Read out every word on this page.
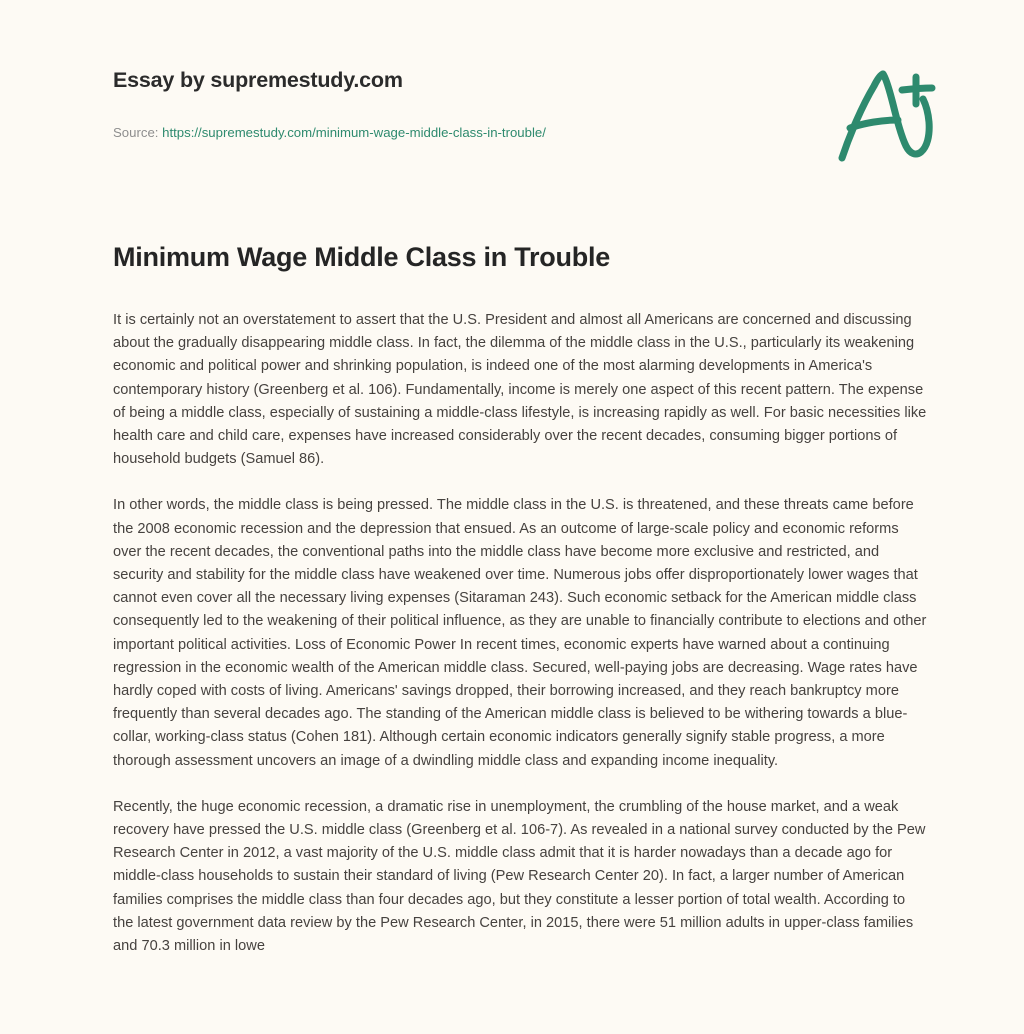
Essay by supremestudy.com
Source: https://supremestudy.com/minimum-wage-middle-class-in-trouble/
Minimum Wage Middle Class in Trouble

It is certainly not an overstatement to assert that the U.S. President and almost all Americans are concerned and discussing about the gradually disappearing middle class. In fact, the dilemma of the middle class in the U.S., particularly its weakening economic and political power and shrinking population, is indeed one of the most alarming developments in America's contemporary history (Greenberg et al. 106). Fundamentally, income is merely one aspect of this recent pattern. The expense of being a middle class, especially of sustaining a middle-class lifestyle, is increasing rapidly as well. For basic necessities like health care and child care, expenses have increased considerably over the recent decades, consuming bigger portions of household budgets (Samuel 86).

In other words, the middle class is being pressed. The middle class in the U.S. is threatened, and these threats came before the 2008 economic recession and the depression that ensued. As an outcome of large-scale policy and economic reforms over the recent decades, the conventional paths into the middle class have become more exclusive and restricted, and security and stability for the middle class have weakened over time. Numerous jobs offer disproportionately lower wages that cannot even cover all the necessary living expenses (Sitaraman 243). Such economic setback for the American middle class consequently led to the weakening of their political influence, as they are unable to financially contribute to elections and other important political activities. Loss of Economic Power In recent times, economic experts have warned about a continuing regression in the economic wealth of the American middle class. Secured, well-paying jobs are decreasing. Wage rates have hardly coped with costs of living. Americans' savings dropped, their borrowing increased, and they reach bankruptcy more frequently than several decades ago. The standing of the American middle class is believed to be withering towards a blue-collar, working-class status (Cohen 181). Although certain economic indicators generally signify stable progress, a more thorough assessment uncovers an image of a dwindling middle class and expanding income inequality.

Recently, the huge economic recession, a dramatic rise in unemployment, the crumbling of the house market, and a weak recovery have pressed the U.S. middle class (Greenberg et al. 106-7). As revealed in a national survey conducted by the Pew Research Center in 2012, a vast majority of the U.S. middle class admit that it is harder nowadays than a decade ago for middle-class households to sustain their standard of living (Pew Research Center 20). In fact, a larger number of American families comprises the middle class than four decades ago, but they constitute a lesser portion of total wealth. According to the latest government data review by the Pew Research Center, in 2015, there were 51 million adults in upper-class families and 70.3 million in lowe
